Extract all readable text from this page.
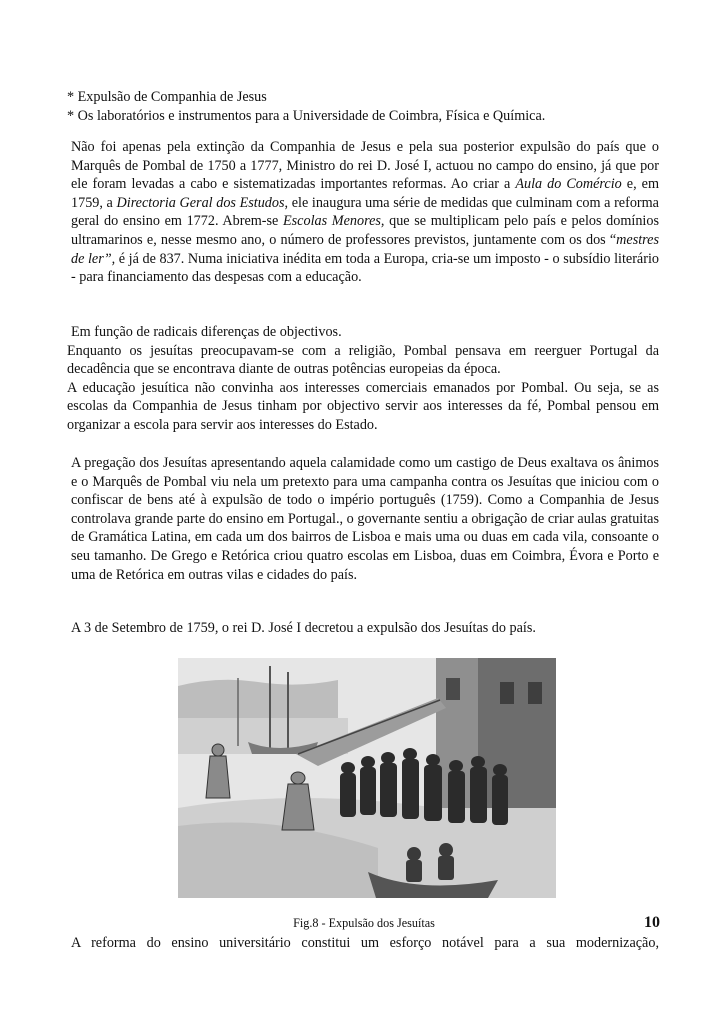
* Expulsão de Companhia de Jesus
* Os laboratórios e instrumentos para a Universidade de Coimbra, Física e Química.

Não foi apenas pela extinção da Companhia de Jesus e pela sua posterior expulsão do país que o Marquês de Pombal de 1750 a 1777, Ministro do rei D. José I, actuou no campo do ensino, já que por ele foram levadas a cabo e sistematizadas importantes reformas. Ao criar a Aula do Comércio e, em 1759, a Directoria Geral dos Estudos, ele inaugura uma série de medidas que culminam com a reforma geral do ensino em 1772. Abrem-se Escolas Menores, que se multiplicam pelo país e pelos domínios ultramarinos e, nesse mesmo ano, o número de professores previstos, juntamente com os dos “mestres de ler”, é já de 837. Numa iniciativa inédita em toda a Europa, cria-se um imposto - o subsídio literário - para financiamento das despesas com a educação.

Em função de radicais diferenças de objectivos.

Enquanto os jesuítas preocupavam-se com a religião, Pombal pensava em reerguer Portugal da decadência que se encontrava diante de outras potências europeias da época.

A educação jesuítica não convinha aos interesses comerciais emanados por Pombal. Ou seja, se as escolas da Companhia de Jesus tinham por objectivo servir aos interesses da fé, Pombal pensou em organizar a escola para servir aos interesses do Estado.

A pregação dos Jesuítas apresentando aquela calamidade como um castigo de Deus exaltava os ânimos e o Marquês de Pombal viu nela um pretexto para uma campanha contra os Jesuítas que iniciou com o confiscar de bens até à expulsão de todo o império português (1759). Como a Companhia de Jesus controlava grande parte do ensino em Portugal., o governante sentiu a obrigação de criar aulas gratuitas de Gramática Latina, em cada um dos bairros de Lisboa e mais uma ou duas em cada vila, consoante o seu tamanho. De Grego e Retórica criou quatro escolas em Lisboa, duas em Coimbra, Évora e Porto e uma de Retórica em outras vilas e cidades do país.

A 3 de Setembro de 1759, o rei D. José I decretou a expulsão dos Jesuítas do país.

Fig.8 - Expulsão dos Jesuítas	10

A reforma do ensino universitário constitui um esforço notável para a sua modernização,
